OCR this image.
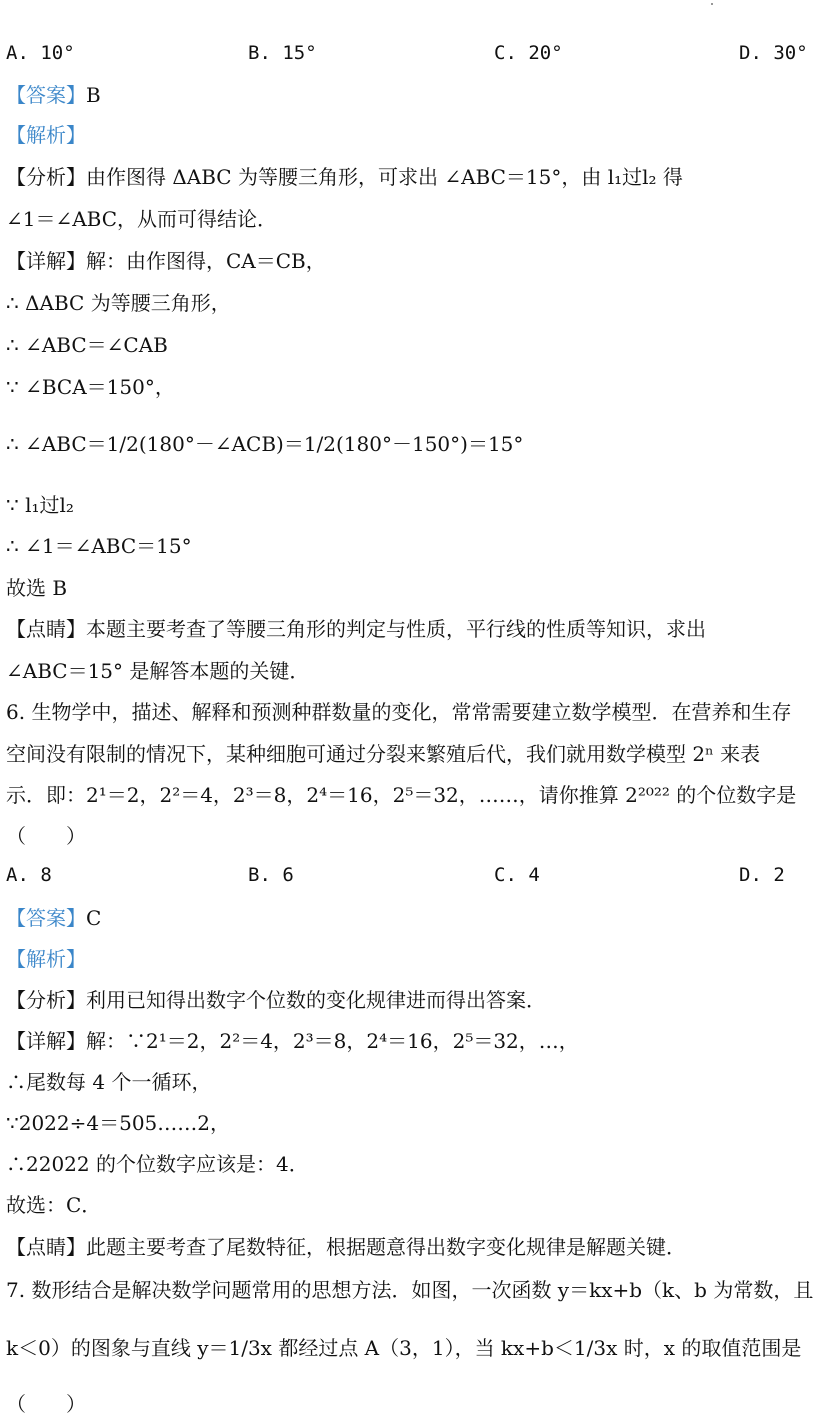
A. 10°	B. 15°	C. 20°	D. 30°
【答案】B
【解析】
【分析】由作图得 ΔABC 为等腰三角形，可求出 ∠ABC＝15°，由 l₁过l₂ 得
∠1＝∠ABC，从而可得结论．
【详解】解：由作图得，CA＝CB，
∴ ΔABC 为等腰三角形，
∴ ∠ABC＝∠CAB
∵ ∠BCA＝150°，
∴ ∠ABC＝1/2(180°－∠ACB)＝1/2(180°－150°)＝15°
∵ l₁过l₂
∴ ∠1＝∠ABC＝15°
故选 B
【点睛】本题主要考查了等腰三角形的判定与性质，平行线的性质等知识，求出
∠ABC＝15° 是解答本题的关键．
6. 生物学中，描述、解释和预测种群数量的变化，常常需要建立数学模型．在营养和生存
空间没有限制的情况下，某种细胞可通过分裂来繁殖后代，我们就用数学模型 2ⁿ 来表
示．即：2¹＝2，2²＝4，2³＝8，2⁴＝16，2⁵＝32，……，请你推算 2²⁰²² 的个位数字是
（　　）
A. 8	B. 6	C. 4	D. 2
【答案】C
【解析】
【分析】利用已知得出数字个位数的变化规律进而得出答案．
【详解】解：∵2¹＝2，2²＝4，2³＝8，2⁴＝16，2⁵＝32，…，
∴尾数每 4 个一循环，
∵2022÷4＝505……2，
∴22022 的个位数字应该是：4．
故选：C．
【点睛】此题主要考查了尾数特征，根据题意得出数字变化规律是解题关键．
7. 数形结合是解决数学问题常用的思想方法．如图，一次函数 y＝kx+b（k、b 为常数，且
k＜0）的图象与直线 y＝1/3x 都经过点 A（3，1），当 kx+b＜1/3x 时，x 的取值范围是
（　　）
